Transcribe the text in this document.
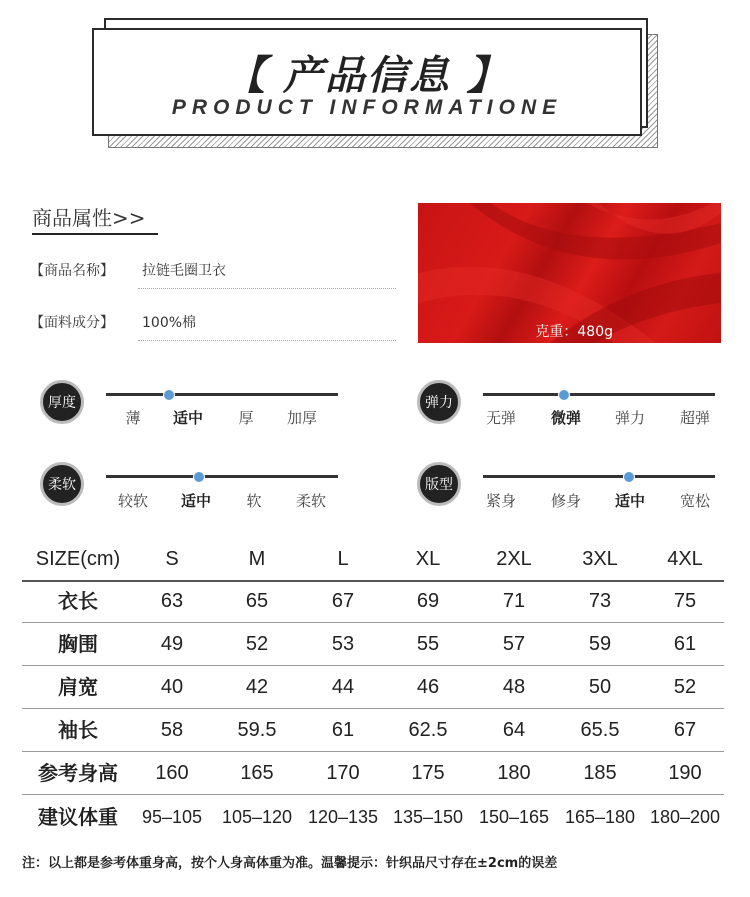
【 产品信息 】
PRODUCT INFORMATIONE
商品属性>>
【商品名称】 拉链毛圈卫衣
【面料成分】 100%棉
克重：480g
厚度
薄	适中	厚	加厚
弹力
无弹	微弹	弹力	超弹
柔软
较软	适中	软	柔软
版型
紧身	修身	适中	宽松
SIZE(cm)	S	M	L	XL	2XL	3XL	4XL
衣长	63	65	67	69	71	73	75
胸围	49	52	53	55	57	59	61
肩宽	40	42	44	46	48	50	52
袖长	58	59.5	61	62.5	64	65.5	67
参考身高	160	165	170	175	180	185	190
建议体重	95–105	105–120 120–135 135–150 150–165 165–180 180–200
注：以上都是参考体重身高，按个人身高体重为准。温馨提示：针织品尺寸存在±2cm的误差
